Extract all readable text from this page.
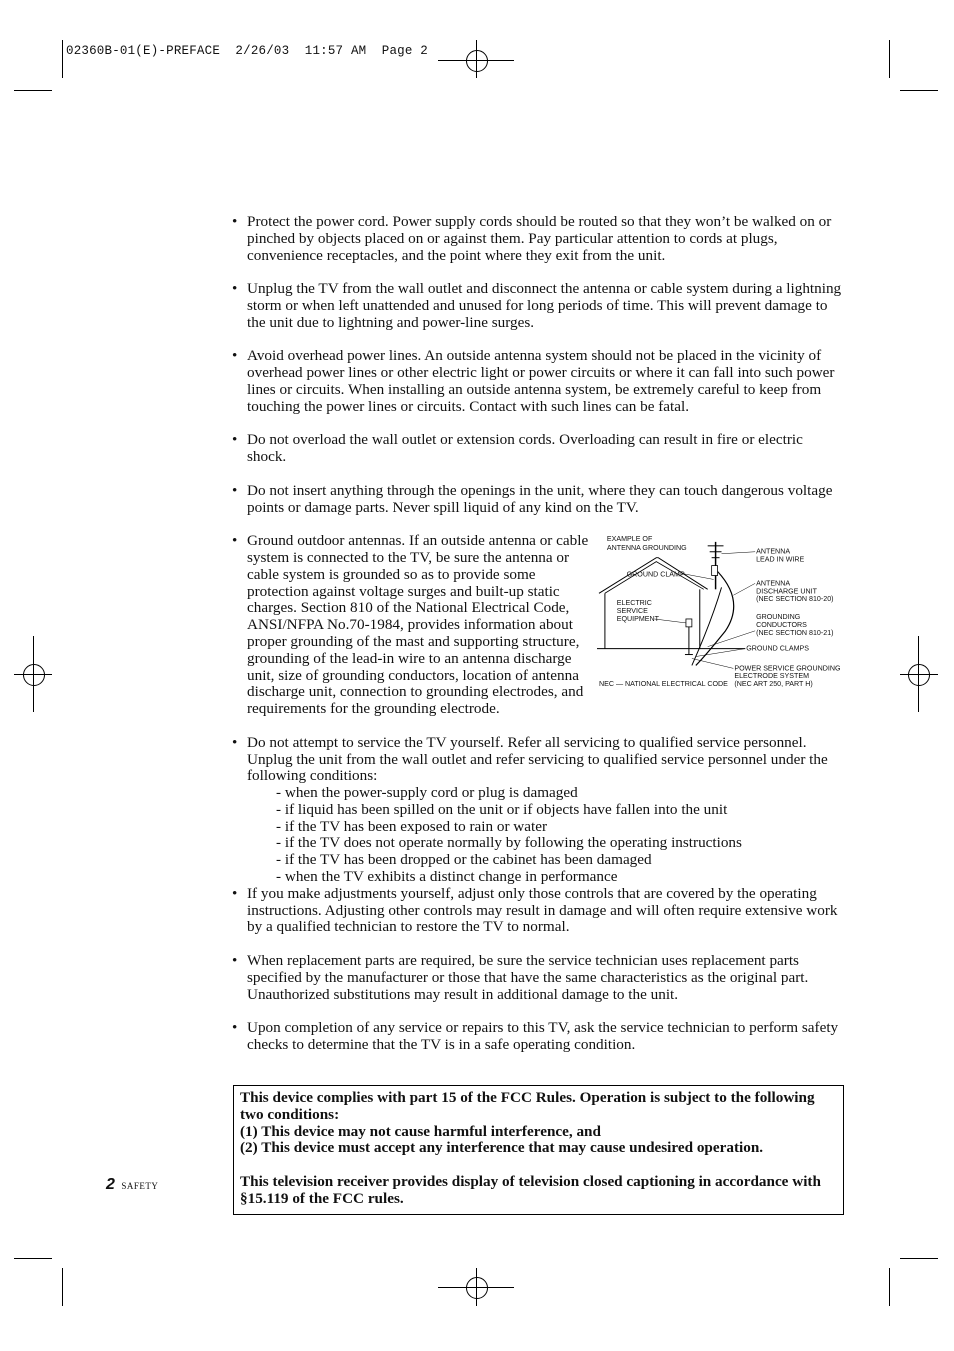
02360B-01(E)-PREFACE  2/26/03  11:57 AM  Page 2
• Protect the power cord. Power supply cords should be routed so that they won’t be walked on or pinched by objects placed on or against them. Pay particular attention to cords at plugs, convenience receptacles, and the point where they exit from the unit.
• Unplug the TV from the wall outlet and disconnect the antenna or cable system during a lightning storm or when left unattended and unused for long periods of time. This will prevent damage to the unit due to lightning and power-line surges.
• Avoid overhead power lines. An outside antenna system should not be placed in the vicinity of overhead power lines or other electric light or power circuits or where it can fall into such power lines or circuits. When installing an outside antenna system, be extremely careful to keep from touching the power lines or circuits. Contact with such lines can be fatal.
• Do not overload the wall outlet or extension cords. Overloading can result in fire or electric shock.
• Do not insert anything through the openings in the unit, where they can touch dangerous voltage points or damage parts. Never spill liquid of any kind on the TV.
• Ground outdoor antennas. If an outside antenna or cable system is connected to the TV, be sure the antenna or cable system is grounded so as to provide some protection against voltage surges and built-up static charges. Section 810 of the National Electrical Code, ANSI/NFPA No.70-1984, provides information about proper grounding of the mast and supporting structure, grounding of the lead-in wire to an antenna discharge unit, size of grounding conductors, location of antenna discharge unit, connection to grounding electrodes, and requirements for the grounding electrode.
EXAMPLE OF
ANTENNA GROUNDING
GROUND CLAMP
ELECTRIC
SERVICE
EQUIPMENT
ANTENNA
LEAD IN WIRE
ANTENNA
DISCHARGE UNIT
(NEC SECTION 810-20)
GROUNDING
CONDUCTORS
(NEC SECTION 810-21)
GROUND CLAMPS
POWER SERVICE GROUNDING
ELECTRODE SYSTEM
(NEC ART 250, PART H)
NEC — NATIONAL ELECTRICAL CODE
• Do not attempt to service the TV yourself. Refer all servicing to qualified service personnel. Unplug the unit from the wall outlet and refer servicing to qualified service personnel under the following conditions:
- when the power-supply cord or plug is damaged
- if liquid has been spilled on the unit or if objects have fallen into the unit
- if the TV has been exposed to rain or water
- if the TV does not operate normally by following the operating instructions
- if the TV has been dropped or the cabinet has been damaged
- when the TV exhibits a distinct change in performance
• If you make adjustments yourself, adjust only those controls that are covered by the operating instructions. Adjusting other controls may result in damage and will often require extensive work by a qualified technician to restore the TV to normal.
• When replacement parts are required, be sure the service technician uses replacement parts specified by the manufacturer or those that have the same characteristics as the original part. Unauthorized substitutions may result in additional damage to the unit.
• Upon completion of any service or repairs to this TV, ask the service technician to perform safety checks to determine that the TV is in a safe operating condition.
This device complies with part 15 of the FCC Rules. Operation is subject to the following two conditions:
(1) This device may not cause harmful interference, and
(2) This device must accept any interference that may cause undesired operation.
This television receiver provides display of television closed captioning in accordance with §15.119 of the FCC rules.
2 SAFETY
